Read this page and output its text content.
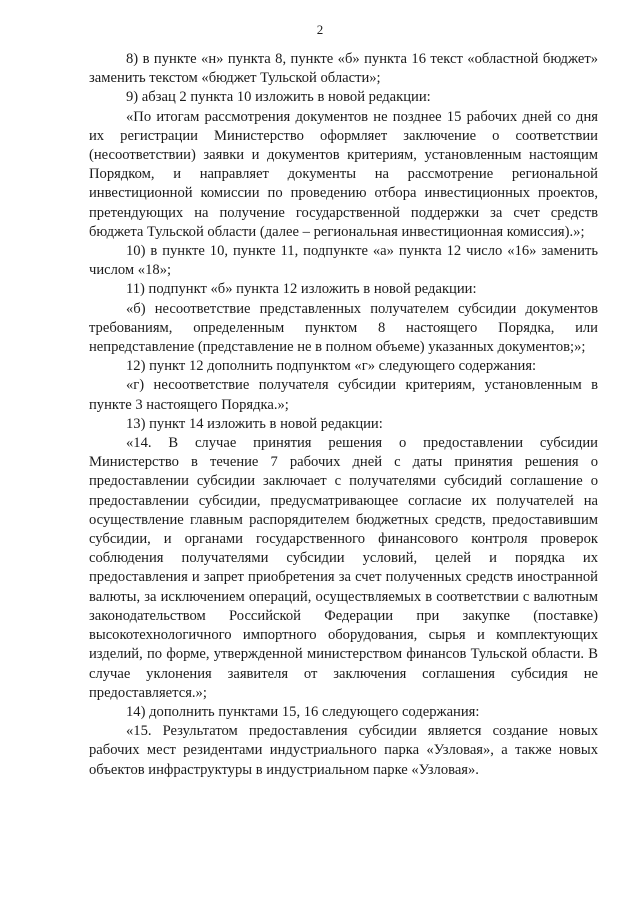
2

8) в пункте «н» пункта 8, пункте «б» пункта 16 текст «областной бюджет» заменить текстом «бюджет Тульской области»;

9) абзац 2 пункта 10 изложить в новой редакции:

«По итогам рассмотрения документов не позднее 15 рабочих дней со дня их регистрации Министерство оформляет заключение о соответствии (несоответствии) заявки и документов критериям, установленным настоящим Порядком, и направляет документы на рассмотрение региональной инвестиционной комиссии по проведению отбора инвестиционных проектов, претендующих на получение государственной поддержки за счет средств бюджета Тульской области (далее – региональная инвестиционная комиссия).»;

10) в пункте 10, пункте 11, подпункте «а» пункта 12 число «16» заменить числом «18»;

11) подпункт «б» пункта 12 изложить в новой редакции:

«б) несоответствие представленных получателем субсидии документов требованиям, определенным пунктом 8 настоящего Порядка, или непредставление (представление не в полном объеме) указанных документов;»;

12) пункт 12 дополнить подпунктом «г» следующего содержания:

«г) несоответствие получателя субсидии критериям, установленным в пункте 3 настоящего Порядка.»;

13) пункт 14 изложить в новой редакции:

«14. В случае принятия решения о предоставлении субсидии Министерство в течение 7 рабочих дней с даты принятия решения о предоставлении субсидии заключает с получателями субсидий соглашение о предоставлении субсидии, предусматривающее согласие их получателей на осуществление главным распорядителем бюджетных средств, предоставившим субсидии, и органами государственного финансового контроля проверок соблюдения получателями субсидии условий, целей и порядка их предоставления и запрет приобретения за счет полученных средств иностранной валюты, за исключением операций, осуществляемых в соответствии с валютным законодательством Российской Федерации при закупке (поставке) высокотехнологичного импортного оборудования, сырья и комплектующих изделий, по форме, утвержденной министерством финансов Тульской области. В случае уклонения заявителя от заключения соглашения субсидия не предоставляется.»;

14) дополнить пунктами 15, 16 следующего содержания:

«15. Результатом предоставления субсидии является создание новых рабочих мест резидентами индустриального парка «Узловая», а также новых объектов инфраструктуры в индустриальном парке «Узловая».
